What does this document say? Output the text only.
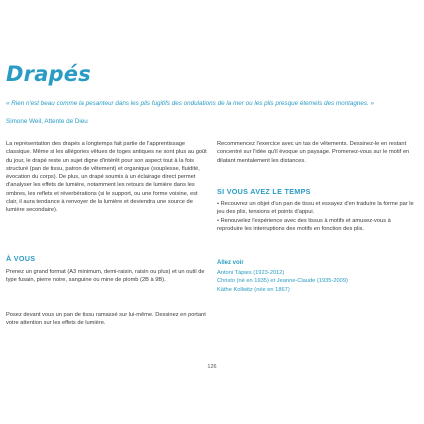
Drapés

« Rien n'est beau comme la pesanteur dans les plis fugitifs des ondulations de la mer ou les plis presque éternels des montagnes. »

Simone Weil, Attente de Dieu

La représentation des drapés a longtemps fait partie de l'apprentissage classique. Même si les allégories vêtues de toges antiques ne sont plus au goût du jour, le drapé reste un sujet digne d'intérêt pour son aspect tout à la fois structuré (pan de tissu, patron de vêtement) et organique (souplesse, fluidité, évocation du corps). De plus, un drapé soumis à un éclairage direct permet d'analyser les effets de lumière, notamment les retours de lumière dans les ombres, les reflets et réverbérations (si le support, ou une forme voisine, est clair, il aura tendance à renvoyer de la lumière et deviendra une source de lumière secondaire).

À VOUS

Prenez un grand format (A3 minimum, demi-raisin, raisin ou plus) et un outil de type fusain, pierre noire, sanguine ou mine de plomb (2B à 9B).

Posez devant vous un pan de tissu ramassé sur lui-même. Dessinez en portant votre attention sur les effets de lumière.

Recommencez l'exercice avec un tas de vêtements. Dessinez-le en restant concentré sur l'idée qu'il évoque un paysage. Promenez-vous sur le motif en dilatant mentalement les distances.

SI VOUS AVEZ LE TEMPS

• Recouvrez un objet d'un pan de tissu et essayez d'en traduire la forme par le jeu des plis, tensions et points d'appui.

• Renouvelez l'expérience avec des tissus à motifs et amusez-vous à reproduire les interruptions des motifs en fonction des plis.

Allez voir
Antoni Tàpies (1923-2012)
Christo (né en 1935) et Jeanne-Claude (1935-2009)
Käthe Kollwitz (née en 1867)
126
